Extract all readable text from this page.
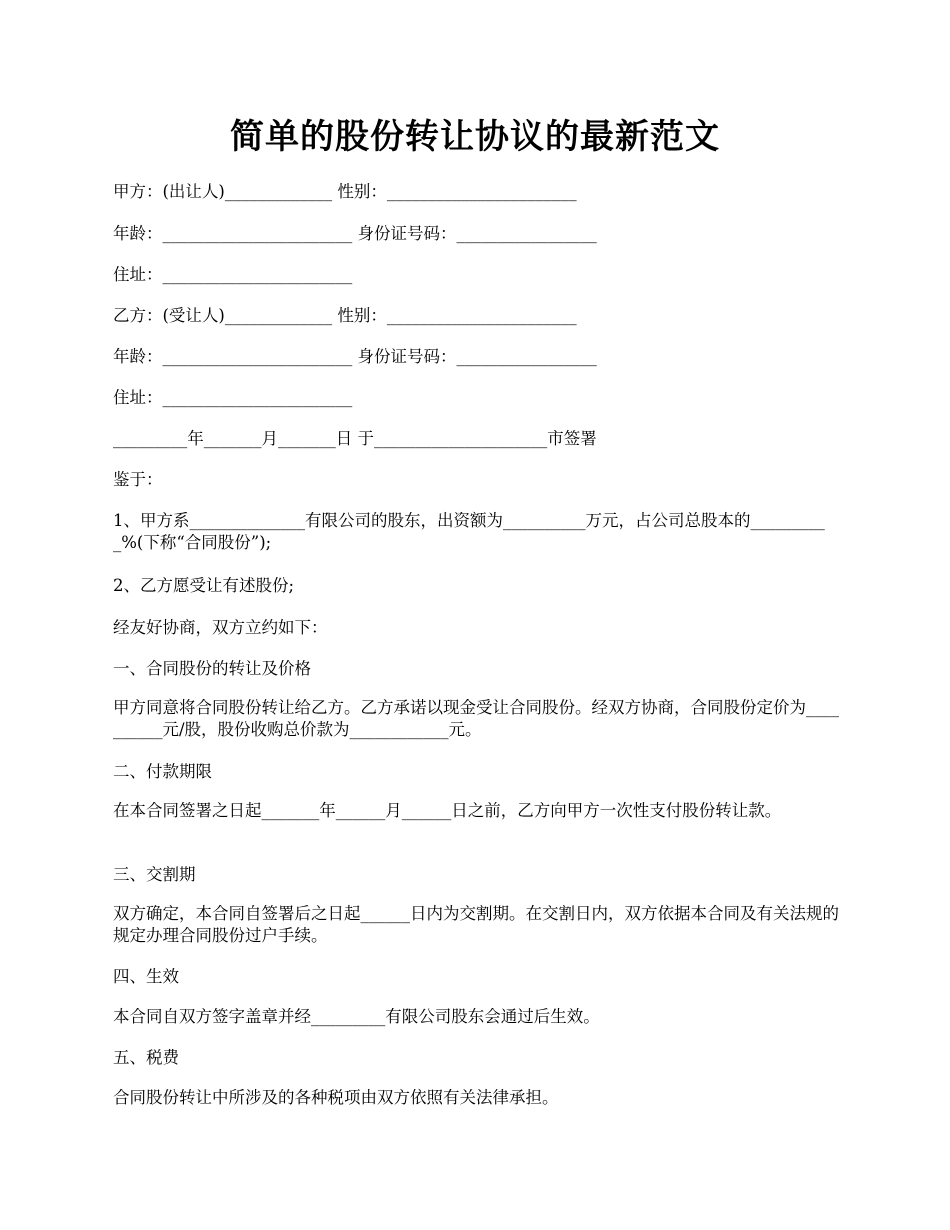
简单的股份转让协议的最新范文
甲方：(出让人)_____________ 性别：_______________________
年龄：_______________________ 身份证号码：_________________
住址：_______________________
乙方：(受让人)_____________ 性别：_______________________
年龄：_______________________ 身份证号码：_________________
住址：_______________________
_________年_______月_______日 于_____________________市签署
鉴于：
1、甲方系______________有限公司的股东，出资额为__________万元，占公司总股本的__________%(下称“合同股份”);
2、乙方愿受让有述股份;
经友好协商，双方立约如下：
一、合同股份的转让及价格
甲方同意将合同股份转让给乙方。乙方承诺以现金受让合同股份。经双方协商，合同股份定价为__________元/股，股份收购总价款为____________元。
二、付款期限
在本合同签署之日起_______年______月______日之前，乙方向甲方一次性支付股份转让款。
三、交割期
双方确定，本合同自签署后之日起______日内为交割期。在交割日内，双方依据本合同及有关法规的规定办理合同股份过户手续。
四、生效
本合同自双方签字盖章并经_________有限公司股东会通过后生效。
五、税费
合同股份转让中所涉及的各种税项由双方依照有关法律承担。
